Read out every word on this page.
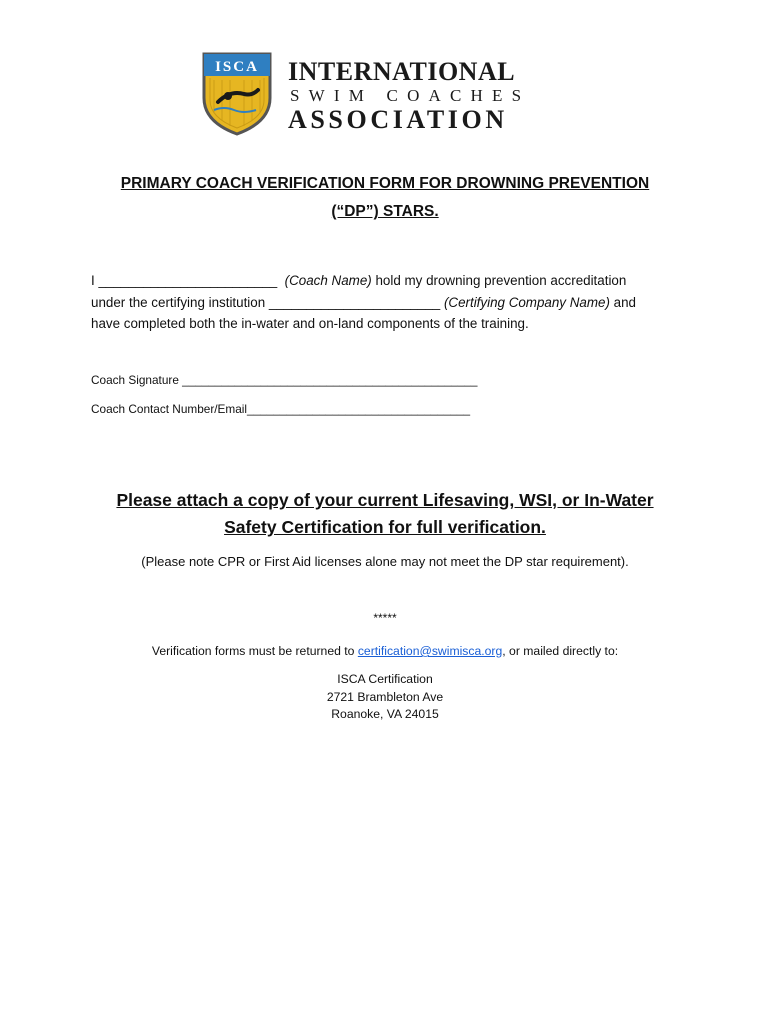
ISCA INTERNATIONAL
SWIM COACHES
ASSOCIATION
PRIMARY COACH VERIFICATION FORM FOR DROWNING PREVENTION
(“DP”) STARS.
I ________________________ (Coach Name) hold my drowning prevention accreditation
under the certifying institution _______________________ (Certifying Company Name) and
have completed both the in-water and on-land components of the training.
Coach Signature _____________________________________________
Coach Contact Number/Email__________________________________
Please attach a copy of your current Lifesaving, WSI, or In-Water
Safety Certification for full verification.
(Please note CPR or First Aid licenses alone may not meet the DP star requirement).
*****
Verification forms must be returned to certification@swimisca.org, or mailed directly to:
ISCA Certification
2721 Brambleton Ave
Roanoke, VA 24015
